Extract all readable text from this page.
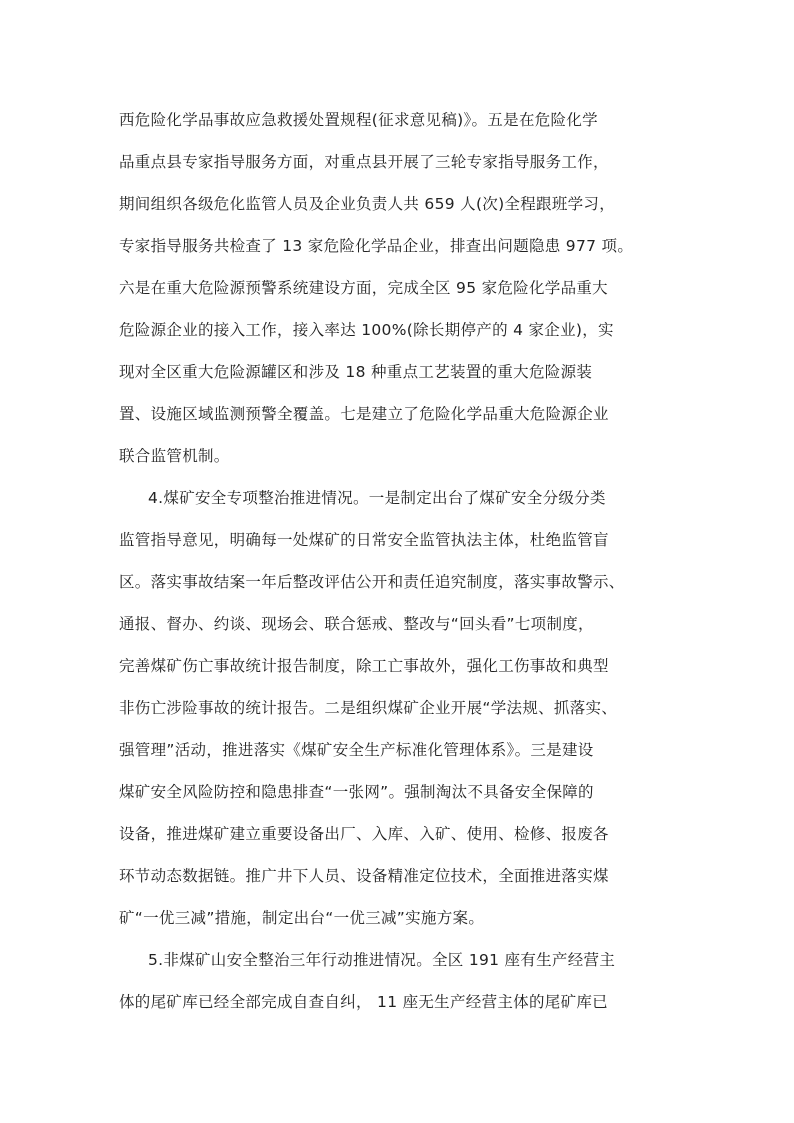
西危险化学品事故应急救援处置规程(征求意见稿)》。五是在危险化学
品重点县专家指导服务方面，对重点县开展了三轮专家指导服务工作，
期间组织各级危化监管人员及企业负责人共 659 人(次)全程跟班学习，
专家指导服务共检查了 13 家危险化学品企业，排查出问题隐患 977 项。
六是在重大危险源预警系统建设方面，完成全区 95 家危险化学品重大
危险源企业的接入工作，接入率达 100%(除长期停产的 4 家企业)，实
现对全区重大危险源罐区和涉及 18 种重点工艺装置的重大危险源装
置、设施区域监测预警全覆盖。七是建立了危险化学品重大危险源企业
联合监管机制。
4.煤矿安全专项整治推进情况。一是制定出台了煤矿安全分级分类
监管指导意见，明确每一处煤矿的日常安全监管执法主体，杜绝监管盲
区。落实事故结案一年后整改评估公开和责任追究制度，落实事故警示、
通报、督办、约谈、现场会、联合惩戒、整改与“回头看”七项制度，
完善煤矿伤亡事故统计报告制度，除工亡事故外，强化工伤事故和典型
非伤亡涉险事故的统计报告。二是组织煤矿企业开展“学法规、抓落实、
强管理”活动，推进落实《煤矿安全生产标准化管理体系》。三是建设
煤矿安全风险防控和隐患排查“一张网”。强制淘汰不具备安全保障的
设备，推进煤矿建立重要设备出厂、入库、入矿、使用、检修、报废各
环节动态数据链。推广井下人员、设备精准定位技术，全面推进落实煤
矿“一优三减”措施，制定出台“一优三减”实施方案。
5.非煤矿山安全整治三年行动推进情况。全区 191 座有生产经营主
体的尾矿库已经全部完成自查自纠， 11 座无生产经营主体的尾矿库已
